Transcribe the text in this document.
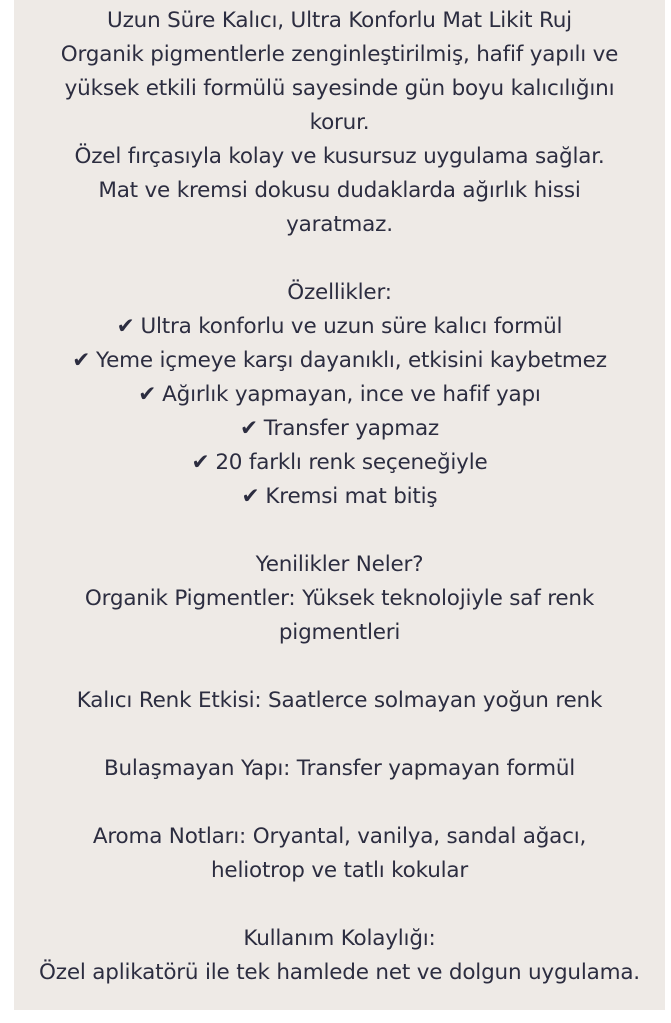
Uzun Süre Kalıcı, Ultra Konforlu Mat Likit Ruj
Organik pigmentlerle zenginleştirilmiş, hafif yapılı ve
yüksek etkili formülü sayesinde gün boyu kalıcılığını
korur.
Özel fırçasıyla kolay ve kusursuz uygulama sağlar.
Mat ve kremsi dokusu dudaklarda ağırlık hissi
yaratmaz.
Özellikler:
✔ Ultra konforlu ve uzun süre kalıcı formül
✔ Yeme içmeye karşı dayanıklı, etkisini kaybetmez
✔ Ağırlık yapmayan, ince ve hafif yapı
✔ Transfer yapmaz
✔ 20 farklı renk seçeneğiyle
✔ Kremsi mat bitiş
Yenilikler Neler?
Organik Pigmentler: Yüksek teknolojiyle saf renk
pigmentleri
Kalıcı Renk Etkisi: Saatlerce solmayan yoğun renk
Bulaşmayan Yapı: Transfer yapmayan formül
Aroma Notları: Oryantal, vanilya, sandal ağacı,
heliotrop ve tatlı kokular
Kullanım Kolaylığı:
Özel aplikatörü ile tek hamlede net ve dolgun uygulama.
